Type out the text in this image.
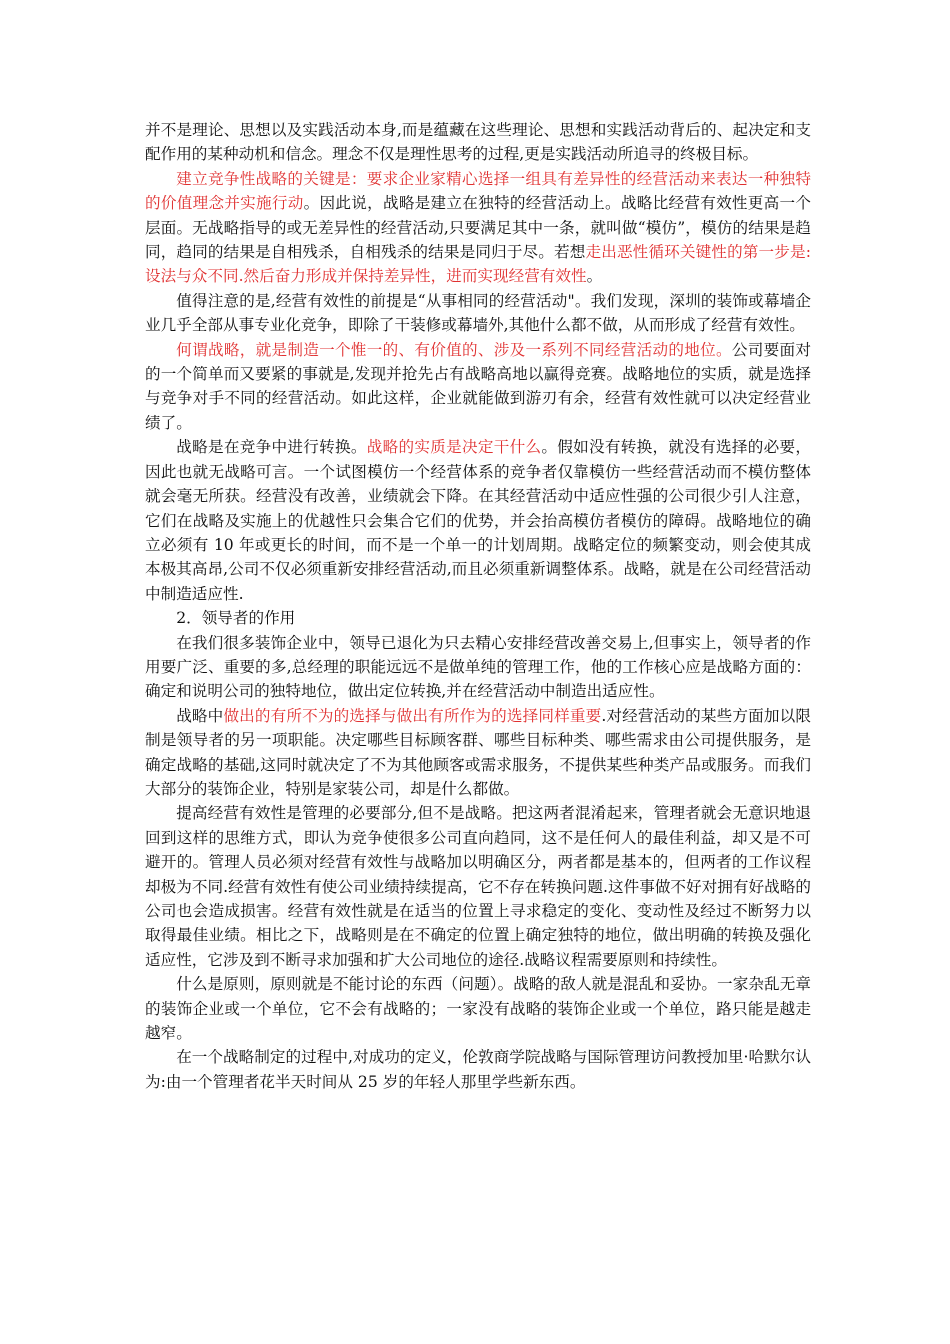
并不是理论、思想以及实践活动本身,而是蕴藏在这些理论、思想和实践活动背后的、起决定和支配作用的某种动机和信念。理念不仅是理性思考的过程,更是实践活动所追寻的终极目标。

建立竞争性战略的关键是：要求企业家精心选择一组具有差异性的经营活动来表达一种独特的价值理念并实施行动。因此说，战略是建立在独特的经营活动上。战略比经营有效性更高一个层面。无战略指导的或无差异性的经营活动,只要满足其中一条，就叫做“模仿”，模仿的结果是趋同，趋同的结果是自相残杀，自相残杀的结果是同归于尽。若想走出恶性循环关键性的第一步是:设法与众不同.然后奋力形成并保持差异性，进而实现经营有效性。

值得注意的是,经营有效性的前提是“从事相同的经营活动"。我们发现，深圳的装饰或幕墙企业几乎全部从事专业化竞争，即除了干装修或幕墙外,其他什么都不做，从而形成了经营有效性。

何谓战略，就是制造一个惟一的、有价值的、涉及一系列不同经营活动的地位。公司要面对的一个简单而又要紧的事就是,发现并抢先占有战略高地以赢得竞赛。战略地位的实质，就是选择与竞争对手不同的经营活动。如此这样，企业就能做到游刃有余，经营有效性就可以决定经营业绩了。

战略是在竞争中进行转换。战略的实质是决定干什么。假如没有转换，就没有选择的必要，因此也就无战略可言。一个试图模仿一个经营体系的竞争者仅靠模仿一些经营活动而不模仿整体就会毫无所获。经营没有改善，业绩就会下降。在其经营活动中适应性强的公司很少引人注意，它们在战略及实施上的优越性只会集合它们的优势，并会抬高模仿者模仿的障碍。战略地位的确立必须有 10 年或更长的时间，而不是一个单一的计划周期。战略定位的频繁变动，则会使其成本极其高昂,公司不仅必须重新安排经营活动,而且必须重新调整体系。战略，就是在公司经营活动中制造适应性.

2．领导者的作用

在我们很多装饰企业中，领导已退化为只去精心安排经营改善交易上,但事实上，领导者的作用要广泛、重要的多,总经理的职能远远不是做单纯的管理工作，他的工作核心应是战略方面的：确定和说明公司的独特地位，做出定位转换,并在经营活动中制造出适应性。

战略中做出的有所不为的选择与做出有所作为的选择同样重要.对经营活动的某些方面加以限制是领导者的另一项职能。决定哪些目标顾客群、哪些目标种类、哪些需求由公司提供服务，是确定战略的基础,这同时就决定了不为其他顾客或需求服务，不提供某些种类产品或服务。而我们大部分的装饰企业，特别是家装公司，却是什么都做。

提高经营有效性是管理的必要部分,但不是战略。把这两者混淆起来，管理者就会无意识地退回到这样的思维方式，即认为竞争使很多公司直向趋同，这不是任何人的最佳利益，却又是不可避开的。管理人员必须对经营有效性与战略加以明确区分，两者都是基本的，但两者的工作议程却极为不同.经营有效性有使公司业绩持续提高，它不存在转换问题.这件事做不好对拥有好战略的公司也会造成损害。经营有效性就是在适当的位置上寻求稳定的变化、变动性及经过不断努力以取得最佳业绩。相比之下，战略则是在不确定的位置上确定独特的地位，做出明确的转换及强化适应性，它涉及到不断寻求加强和扩大公司地位的途径.战略议程需要原则和持续性。

什么是原则，原则就是不能讨论的东西（问题）。战略的敌人就是混乱和妥协。一家杂乱无章的装饰企业或一个单位，它不会有战略的；一家没有战略的装饰企业或一个单位，路只能是越走越窄。

在一个战略制定的过程中,对成功的定义，伦敦商学院战略与国际管理访问教授加里·哈默尔认为:由一个管理者花半天时间从 25 岁的年轻人那里学些新东西。
